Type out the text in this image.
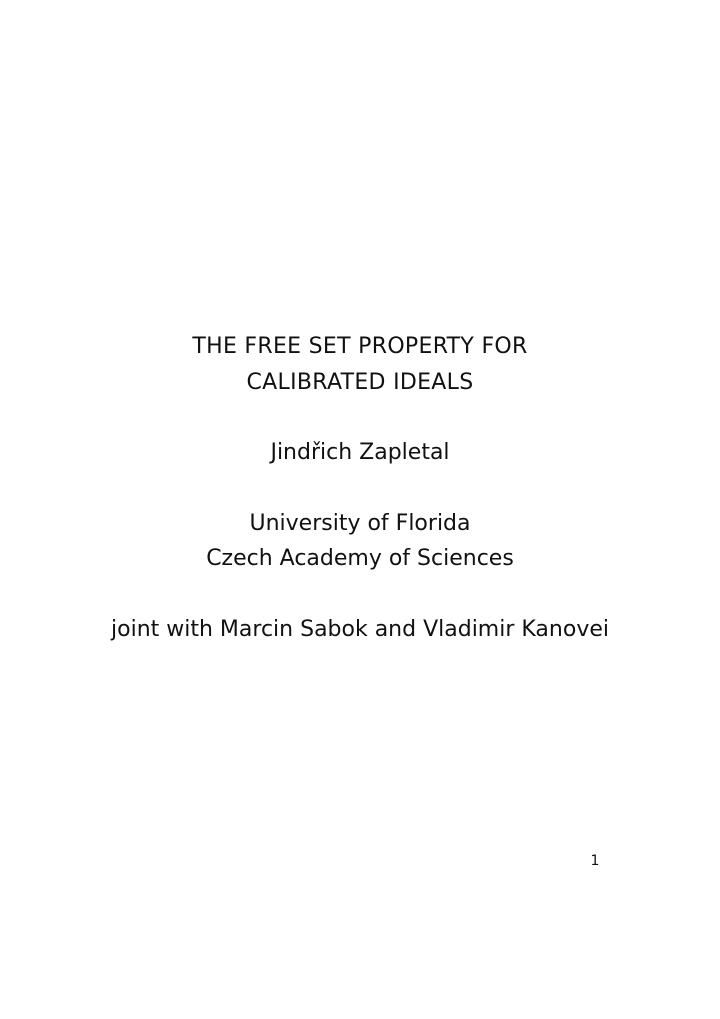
THE FREE SET PROPERTY FOR
CALIBRATED IDEALS
Jindřich Zapletal
University of Florida
Czech Academy of Sciences
joint with Marcin Sabok and Vladimir Kanovei
1
